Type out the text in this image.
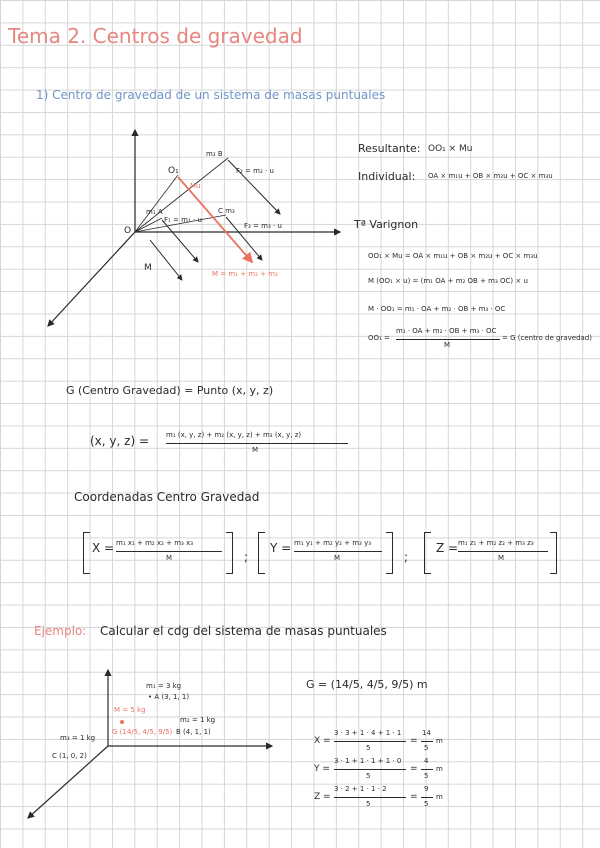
Tema 2. Centros de gravedad
1) Centro de gravedad de un sistema de masas puntuales
O
O₁
m₂ B
m₁ A	C m₃
F₂ = m₂ · u
F₁ = m₁ · u
F₃ = m₃ · u
Mu
M
M = m₁ + m₂ + m₃
Resultante: OO₁ × Mu
Individual: OA × m₁u + OB × m₂u + OC × m₃u
Tª Varignon
OO₁ × Mu = OA × m₁u + OB × m₂u + OC × m₃u
M (OO₁ × u) = (m₁ OA + m₂ OB + m₃ OC) × u
M · OO₁ = m₁ · OA + m₂ · OB + m₃ · OC
OO₁ =
m₁ · OA + m₂ · OB + m₃ · OC
M
= G (centro de gravedad)
G (Centro Gravedad) = Punto (x, y, z)
(x, y, z) = m₁ (x, y, z) + m₂ (x, y, z) + m₃ (x, y, z)
M
Coordenadas Centro Gravedad
X = m₁ x₁ + m₂ x₂ + m₃ x₃
M	;
Y = m₁ y₁ + m₂ y₂ + m₃ y₃
M	;
Z = m₁ z₁ + m₂ z₂ + m₃ z₃
M
Ejemplo: Calcular el cdg del sistema de masas puntuales
m₁ = 3 kg
• A (3, 1, 1)
M = 5 kg
m₂ = 1 kg
G (14/5, 4/5, 9/5) B (4, 1, 1)
m₃ = 1 kg
C (1, 0, 2)
G = (14/5, 4/5, 9/5) m
X =
3 · 3 + 1 · 4 + 1 · 1
5
=
14
5
m
Y =
3 · 1 + 1 · 1 + 1 · 0
5
=
4
5
m
Z =
3 · 2 + 1 · 1 · 2
5
=
9
5
m
